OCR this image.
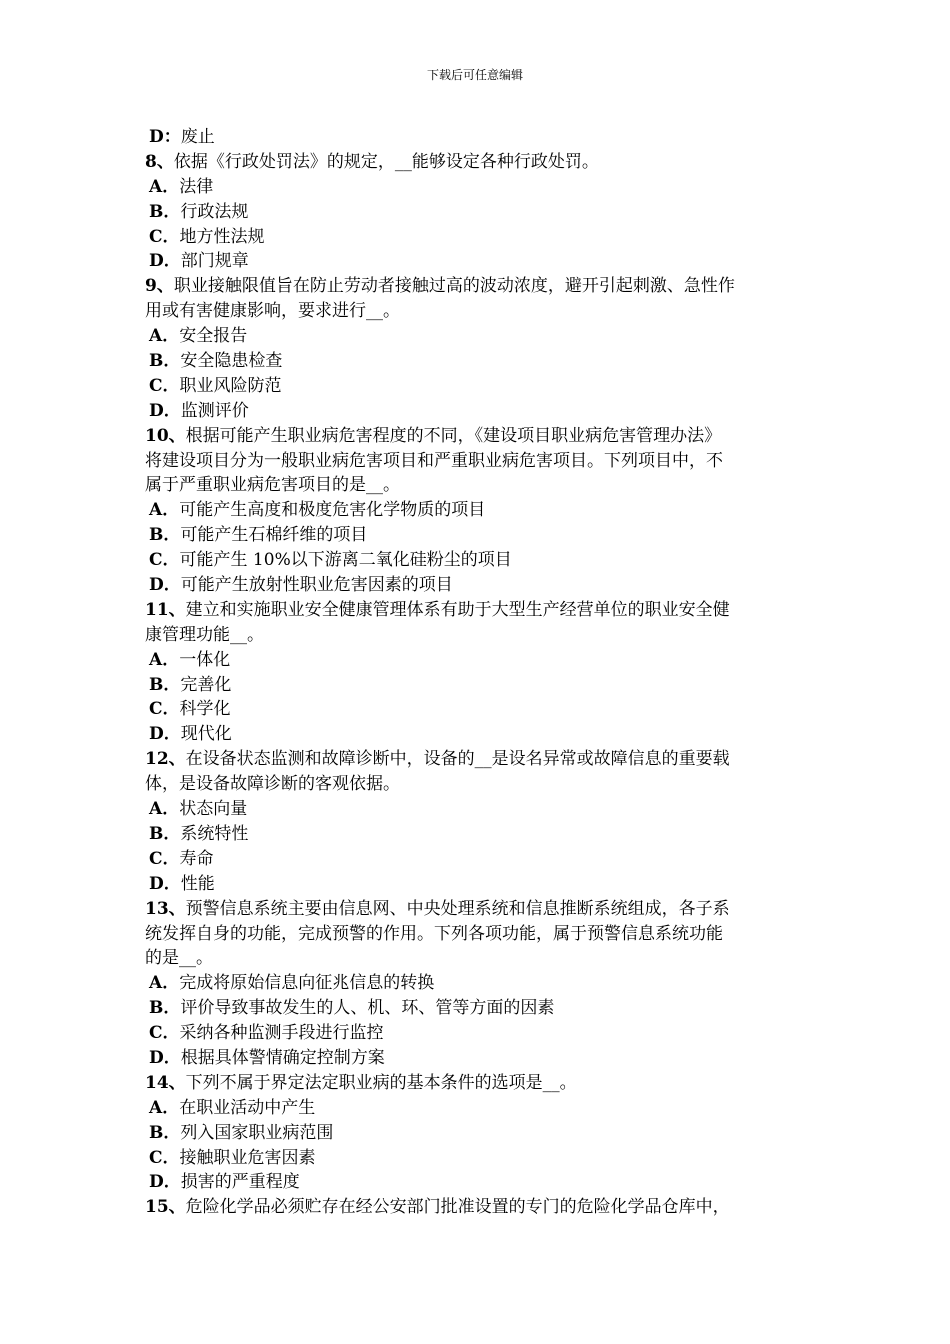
下载后可任意编辑
D：废止
8、依据《行政处罚法》的规定，__能够设定各种行政处罚。
A．法律
B．行政法规
C．地方性法规
D．部门规章
9、职业接触限值旨在防止劳动者接触过高的波动浓度，避开引起刺激、急性作
用或有害健康影响，要求进行__。
A．安全报告
B．安全隐患检查
C．职业风险防范
D．监测评价
10、根据可能产生职业病危害程度的不同，《建设项目职业病危害管理办法》
将建设项目分为一般职业病危害项目和严重职业病危害项目。下列项目中，不
属于严重职业病危害项目的是__。
A．可能产生高度和极度危害化学物质的项目
B．可能产生石棉纤维的项目
C．可能产生 10%以下游离二氧化硅粉尘的项目
D．可能产生放射性职业危害因素的项目
11、建立和实施职业安全健康管理体系有助于大型生产经营单位的职业安全健
康管理功能__。
A．一体化
B．完善化
C．科学化
D．现代化
12、在设备状态监测和故障诊断中，设备的__是设名异常或故障信息的重要载
体，是设备故障诊断的客观依据。
A．状态向量
B．系统特性
C．寿命
D．性能
13、预警信息系统主要由信息网、中央处理系统和信息推断系统组成，各子系
统发挥自身的功能，完成预警的作用。下列各项功能，属于预警信息系统功能
的是__。
A．完成将原始信息向征兆信息的转换
B．评价导致事故发生的人、机、环、管等方面的因素
C．采纳各种监测手段进行监控
D．根据具体警情确定控制方案
14、下列不属于界定法定职业病的基本条件的选项是__。
A．在职业活动中产生
B．列入国家职业病范围
C．接触职业危害因素
D．损害的严重程度
15、危险化学品必须贮存在经公安部门批准设置的专门的危险化学品仓库中，
